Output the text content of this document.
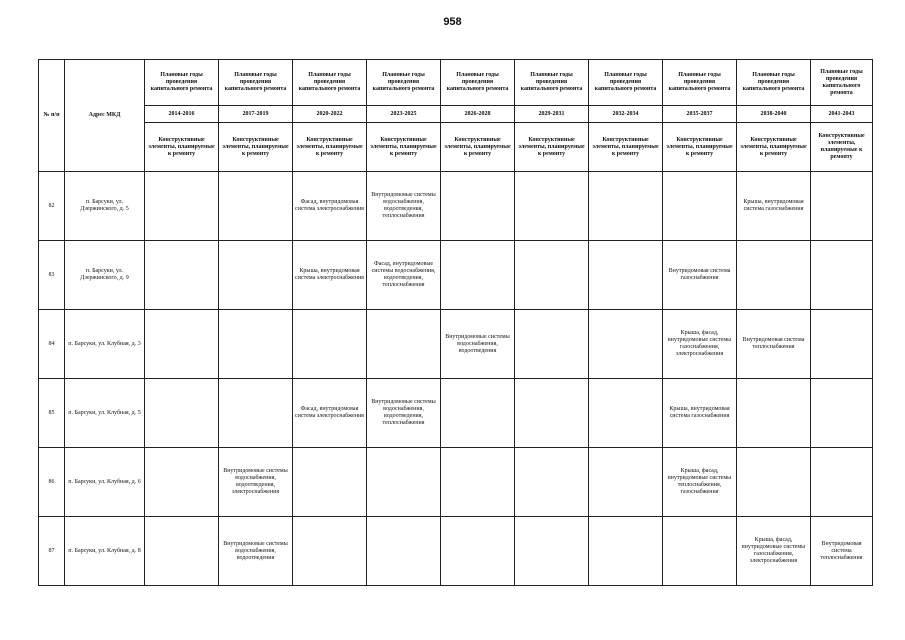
958
№ п/п	Адрес МКД	Плановые годы проведения капитального ремонта	Плановые годы проведения капитального ремонта	Плановые годы проведения капитального ремонта	Плановые годы проведения капитального ремонта	Плановые годы проведения капитального ремонта	Плановые годы проведения капитального ремонта	Плановые годы проведения капитального ремонта	Плановые годы проведения капитального ремонта	Плановые годы проведения капитального ремонта	Плановые годы проведения капитального ремонта
		2014-2016	2017-2019	2020-2022	2023-2025	2026-2028	2029-2031	2032-2034	2035-2037	2038-2040	2041-2043
		Конструктивные элементы, планируемые к ремонту	Конструктивные элементы, планируемые к ремонту	Конструктивные элементы, планируемые к ремонту	Конструктивные элементы, планируемые к ремонту	Конструктивные элементы, планируемые к ремонту	Конструктивные элементы, планируемые к ремонту	Конструктивные элементы, планируемые к ремонту	Конструктивные элементы, планируемые к ремонту	Конструктивные элементы, планируемые к ремонту	Конструктивные элементы, планируемые к ремонту
82	п. Барсуки, ул. Дзержинского, д. 5			Фасад, внутридомовая система электроснабжения	Внутридомовые системы водоснабжения, водоотведения, теплоснабжения					Крыша, внутридомовая система газоснабжения	
83	п. Барсуки, ул. Дзержинского, д. 9			Крыша, внутридомовая система электроснабжения	Фасад, внутридомовые системы водоснабжения, водоотведения, теплоснабжения				Внутридомовая система газоснабжения		
84	п. Барсуки, ул. Клубная, д. 3					Внутридомовые системы водоснабжения, водоотведения			Крыша, фасад, внутридомовые системы газоснабжения, электроснабжения	Внутридомовая система теплоснабжения	
85	п. Барсуки, ул. Клубная, д. 5			Фасад, внутридомовая система электроснабжения	Внутридомовые системы водоснабжения, водоотведения, теплоснабжения				Крыша, внутридомовая система газоснабжения		
86	п. Барсуки, ул. Клубная, д. 6		Внутридомовые системы водоснабжения, водоотведения, электроснабжения						Крыша, фасад, внутридомовые системы теплоснабжения, газоснабжения		
87	п. Барсуки, ул. Клубная, д. 8		Внутридомовые системы водоснабжения, водоотведения							Крыша, фасад, внутридомовые системы газоснабжения, электроснабжения	Внутридомовая система теплоснабжения
